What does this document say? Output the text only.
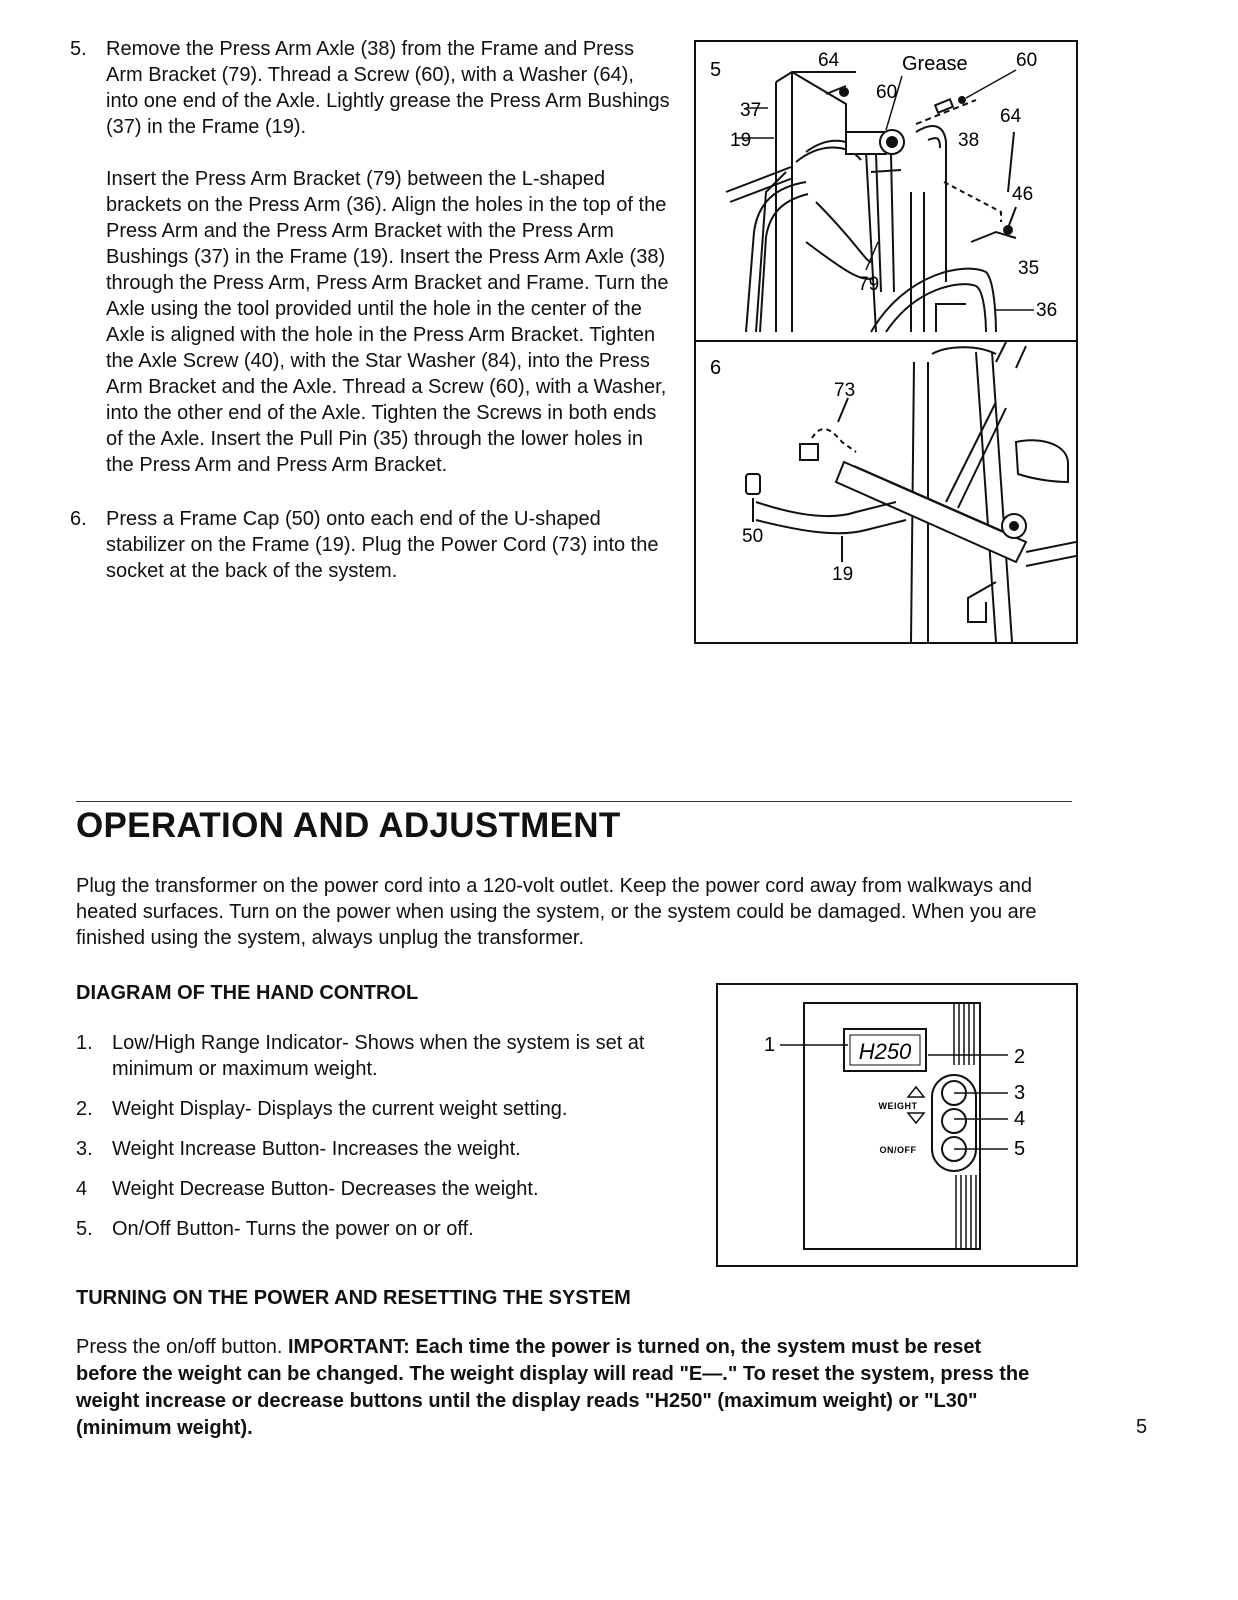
5. Remove the Press Arm Axle (38) from the Frame and Press Arm Bracket (79). Thread a Screw (60), with a Washer (64), into one end of the Axle. Lightly grease the Press Arm Bushings (37) in the Frame (19).

Insert the Press Arm Bracket (79) between the L-shaped brackets on the Press Arm (36). Align the holes in the top of the Press Arm and the Press Arm Bracket with the Press Arm Bushings (37) in the Frame (19). Insert the Press Arm Axle (38) through the Press Arm, Press Arm Bracket and Frame. Turn the Axle using the tool provided until the hole in the center of the Axle is aligned with the hole in the Press Arm Bracket. Tighten the Axle Screw (40), with the Star Washer (84), into the Press Arm Bracket and the Axle. Thread a Screw (60), with a Washer, into the other end of the Axle. Tighten the Screws in both ends of the Axle. Insert the Pull Pin (35) through the lower holes in the Press Arm and Press Arm Bracket.

6. Press a Frame Cap (50) onto each end of the U-shaped stabilizer on the Frame (19). Plug the Power Cord (73) into the socket at the back of the system.

5	64	Grease	60
60
37
19	38
64
46
35
79
36
6
73
50
19
OPERATION AND ADJUSTMENT

Plug the transformer on the power cord into a 120-volt outlet. Keep the power cord away from walkways and heated surfaces. Turn on the power when using the system, or the system could be damaged. When you are finished using the system, always unplug the transformer.

DIAGRAM OF THE HAND CONTROL
1. Low/High Range Indicator- Shows when the system is set at minimum or maximum weight.
2. Weight Display- Displays the current weight setting.
3. Weight Increase Button- Increases the weight.
4 Weight Decrease Button- Decreases the weight.
5. On/Off Button- Turns the power on or off.
H250
WEIGHT
ON/OFF
1
2
3
4
5
TURNING ON THE POWER AND RESETTING THE SYSTEM

Press the on/off button. IMPORTANT: Each time the power is turned on, the system must be reset before the weight can be changed. The weight display will read "E—." To reset the system, press the weight increase or decrease buttons until the display reads "H250" (maximum weight) or "L30" (minimum weight).	5
